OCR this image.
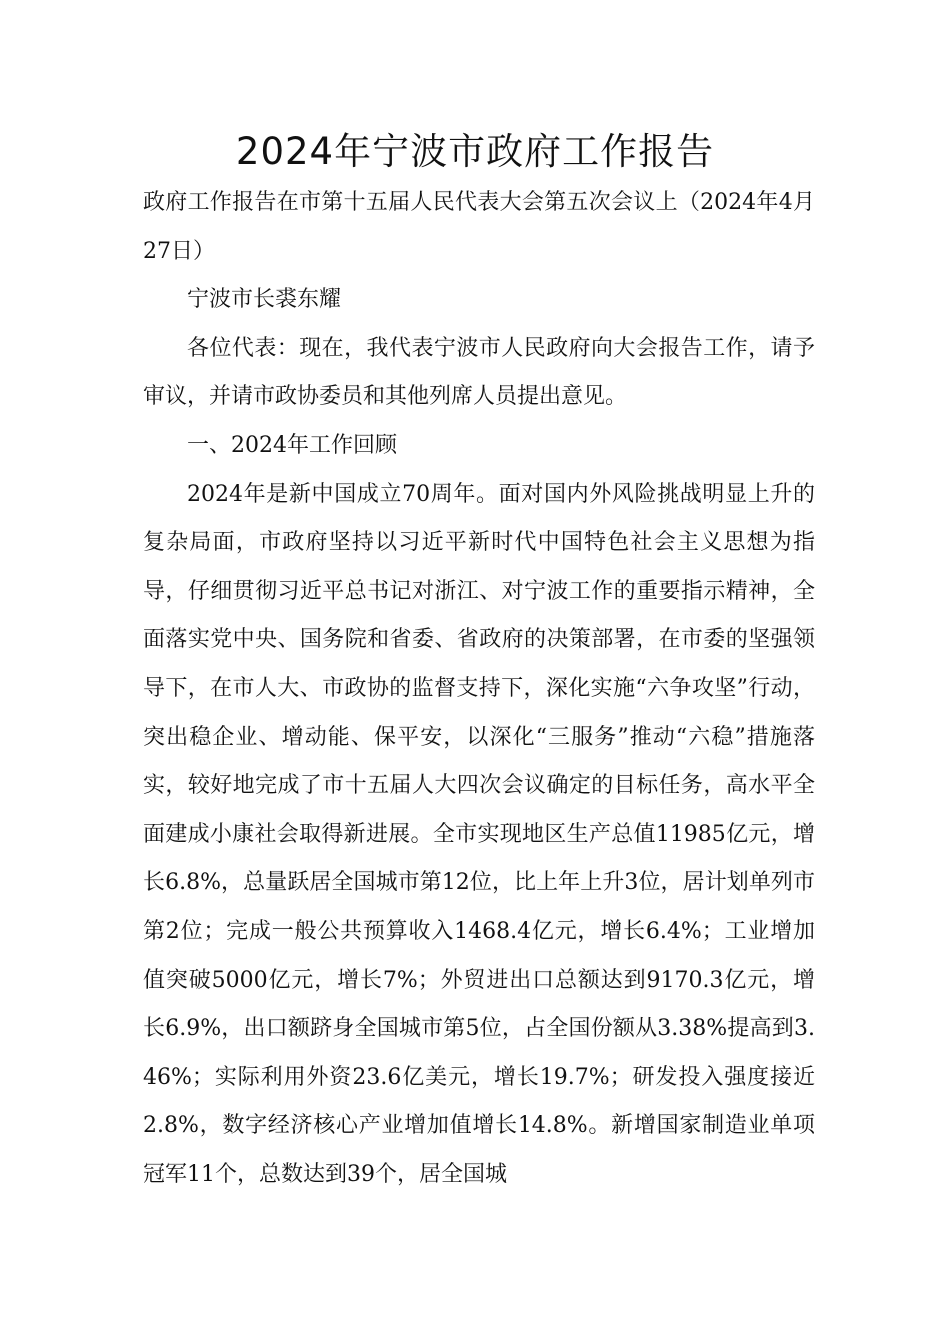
2024年宁波市政府工作报告

政府工作报告在市第十五届人民代表大会第五次会议上（2024年4月27日）

宁波市长裘东耀

各位代表：现在，我代表宁波市人民政府向大会报告工作，请予审议，并请市政协委员和其他列席人员提出意见。

一、2024年工作回顾

2024年是新中国成立70周年。面对国内外风险挑战明显上升的复杂局面，市政府坚持以习近平新时代中国特色社会主义思想为指导，仔细贯彻习近平总书记对浙江、对宁波工作的重要指示精神，全面落实党中央、国务院和省委、省政府的决策部署，在市委的坚强领导下，在市人大、市政协的监督支持下，深化实施“六争攻坚”行动，突出稳企业、增动能、保平安，以深化“三服务”推动“六稳”措施落实，较好地完成了市十五届人大四次会议确定的目标任务，高水平全面建成小康社会取得新进展。全市实现地区生产总值11985亿元，增长6.8%，总量跃居全国城市第12位，比上年上升3位，居计划单列市第2位；完成一般公共预算收入1468.4亿元，增长6.4%；工业增加值突破5000亿元，增长7%；外贸进出口总额达到9170.3亿元，增长6.9%，出口额跻身全国城市第5位，占全国份额从3.38%提高到3.46%；实际利用外资23.6亿美元，增长19.7%；研发投入强度接近2.8%，数字经济核心产业增加值增长14.8%。新增国家制造业单项冠军11个，总数达到39个，居全国城
